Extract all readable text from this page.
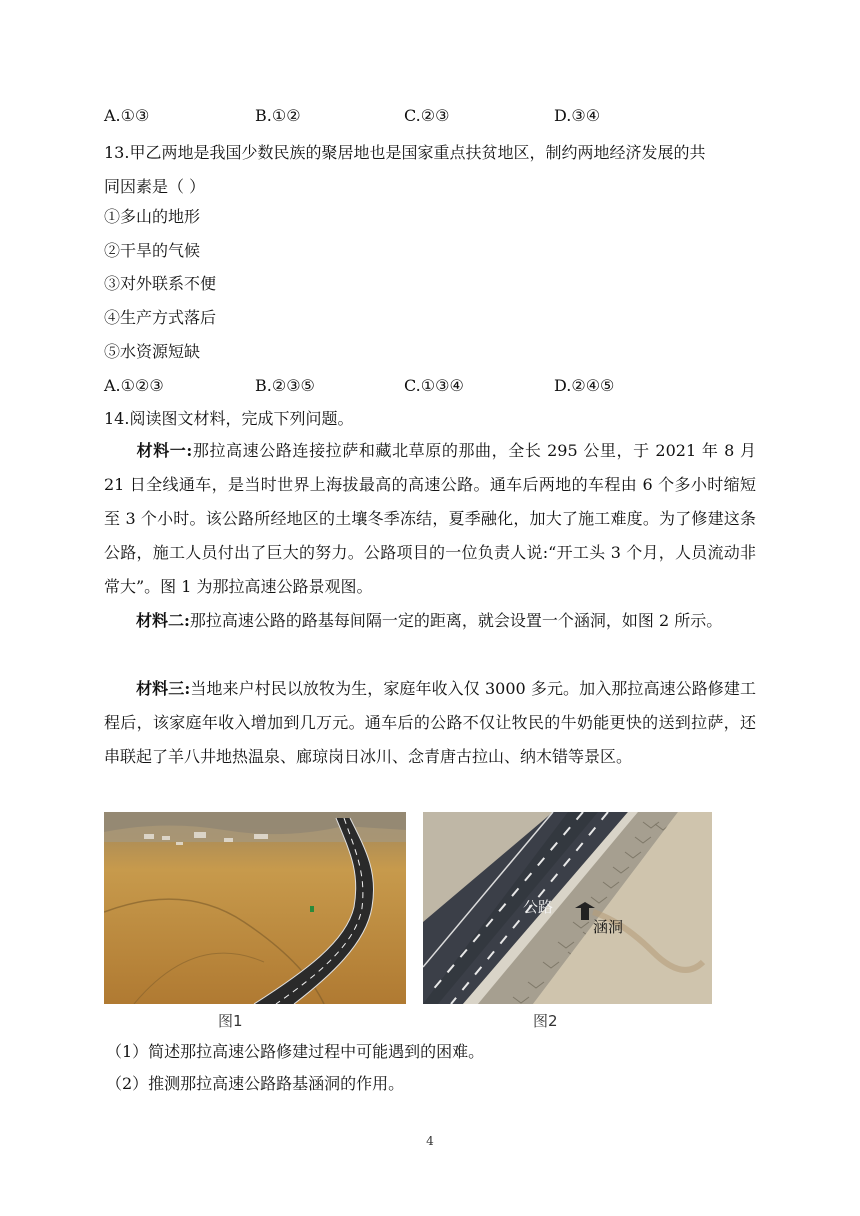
A.①③	B.①②	C.②③	D.③④
13.甲乙两地是我国少数民族的聚居地也是国家重点扶贫地区，制约两地经济发展的共
同因素是（ ）
①多山的地形
②干旱的气候
③对外联系不便
④生产方式落后
⑤水资源短缺
A.①②③	B.②③⑤	C.①③④	D.②④⑤
14.阅读图文材料，完成下列问题。
材料一:那拉高速公路连接拉萨和藏北草原的那曲，全长 295 公里，于 2021 年 8 月 21 日全线通车，是当时世界上海拔最高的高速公路。通车后两地的车程由 6 个多小时缩短至 3 个小时。该公路所经地区的土壤冬季冻结，夏季融化，加大了施工难度。为了修建这条公路，施工人员付出了巨大的努力。公路项目的一位负责人说:“开工头 3 个月，人员流动非常大”。图 1 为那拉高速公路景观图。
材料二:那拉高速公路的路基每间隔一定的距离，就会设置一个涵洞，如图 2 所示。
材料三:当地来户村民以放牧为生，家庭年收入仅 3000 多元。加入那拉高速公路修建工程后，该家庭年收入增加到几万元。通车后的公路不仅让牧民的牛奶能更快的送到拉萨，还串联起了羊八井地热温泉、廊琼岗日冰川、念青唐古拉山、纳木错等景区。
图1
公路
涵洞
图2
（1）简述那拉高速公路修建过程中可能遇到的困难。
（2）推测那拉高速公路路基涵洞的作用。
4
